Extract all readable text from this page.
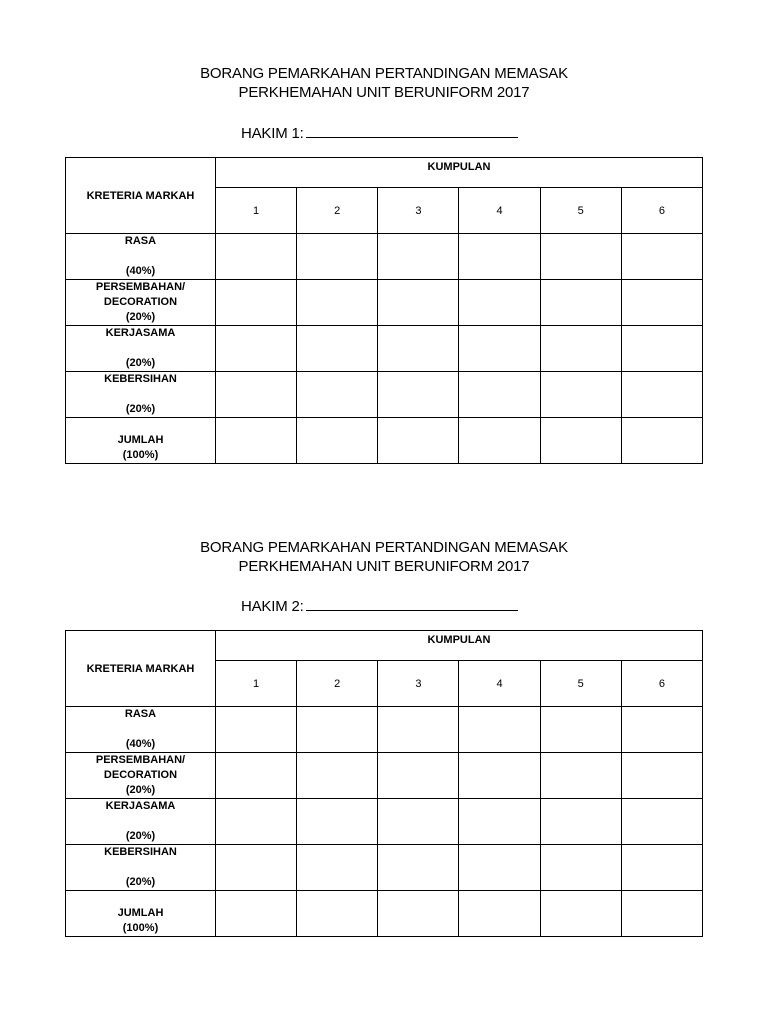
BORANG PEMARKAHAN PERTANDINGAN MEMASAK
PERKHEMAHAN UNIT BERUNIFORM 2017
HAKIM 1:
KRETERIA MARKAH	KUMPULAN					
	1	2	3	4	5	6

RASA
(40%)						

PERSEMBAHAN/
DECORATION
(20%)						

KERJASAMA
(20%)						

KEBERSIHAN
(20%)						

JUMLAH
(100%)						

BORANG PEMARKAHAN PERTANDINGAN MEMASAK
PERKHEMAHAN UNIT BERUNIFORM 2017
HAKIM 2:
KRETERIA MARKAH	KUMPULAN					
	1	2	3	4	5	6

RASA
(40%)						

PERSEMBAHAN/
DECORATION
(20%)						

KERJASAMA
(20%)						

KEBERSIHAN
(20%)						

JUMLAH
(100%)						
